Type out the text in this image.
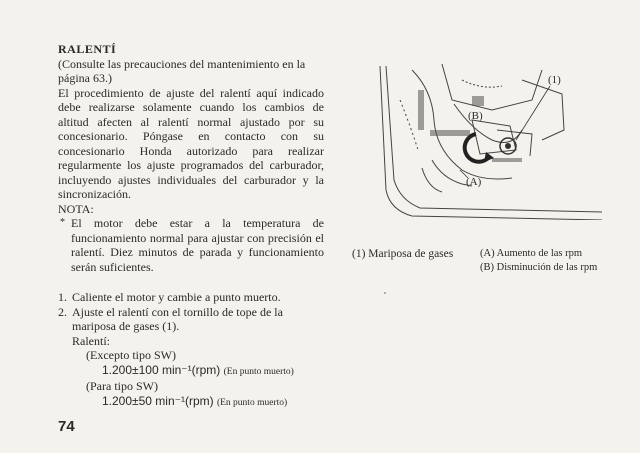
RALENTÍ

(Consulte las precauciones del mantenimiento en la página 63.)

El procedimiento de ajuste del ralentí aquí indicado debe realizarse solamente cuando los cambios de altitud afecten al ralentí normal ajustado por su concesionario. Póngase en contacto con su concesionario Honda autorizado para realizar regularmente los ajuste programados del carburador, incluyendo ajustes individuales del carburador y la sincronización.

NOTA:

* El motor debe estar a la temperatura de funcionamiento normal para ajustar con precisión el ralentí. Diez minutos de parada y funcionamiento serán suficientes.
1. Caliente el motor y cambie a punto muerto.
2. Ajuste el ralentí con el tornillo de tope de la mariposa de gases (1).
Ralentí:
(Excepto tipo SW)
1.200±100 min⁻¹(rpm) (En punto muerto)
(Para tipo SW)
1.200±50 min⁻¹(rpm) (En punto muerto)
74
(1)
(B)
(A)
(1) Mariposa de gases	(A) Aumento de las rpm
(B) Disminución de las rpm
